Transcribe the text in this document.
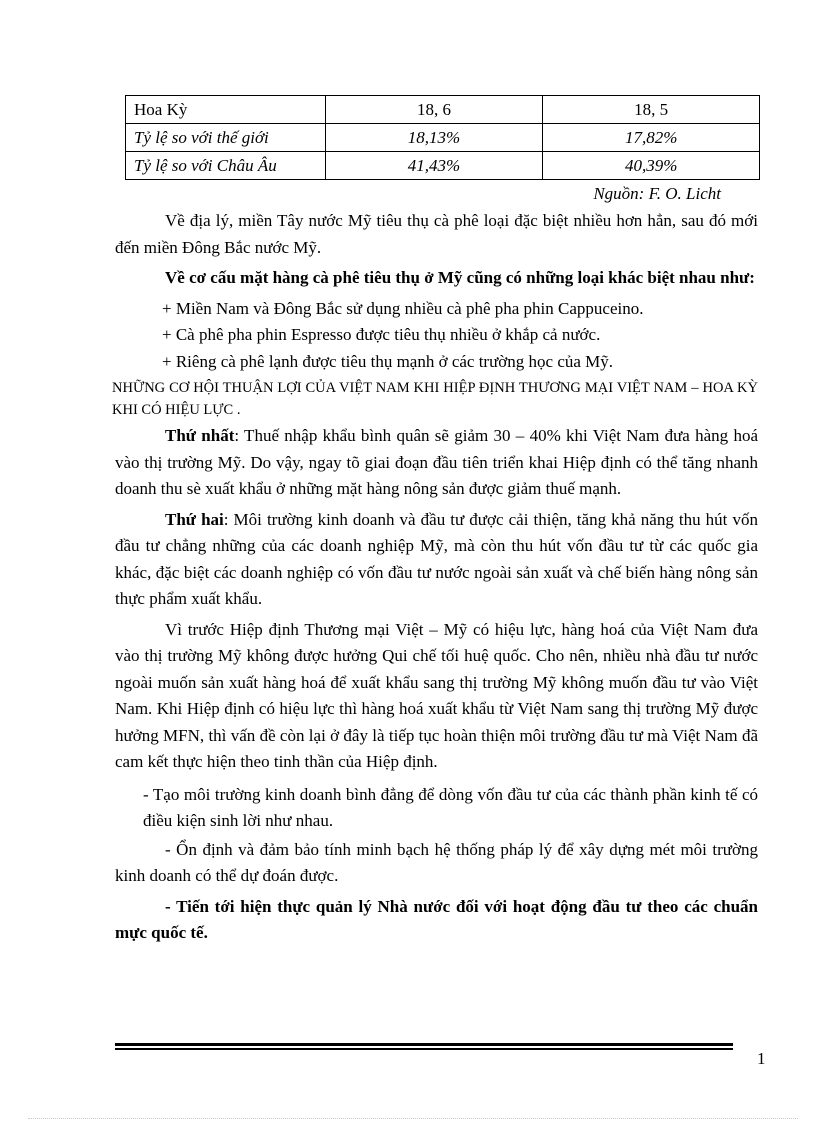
Hoa Kỳ	18, 6	18, 5
Tỷ lệ so với thế giới	18,13%	17,82%
Tỷ lệ so với Châu Âu	41,43%	40,39%
Nguồn: F. O. Licht

Về địa lý, miền Tây nước Mỹ tiêu thụ cà phê loại đặc biệt nhiều hơn hẳn, sau đó mới đến miền Đông Bắc nước Mỹ.

Về cơ cấu mặt hàng cà phê tiêu thụ ở Mỹ cũng có những loại khác biệt nhau như:

+ Miền Nam và Đông Bắc sử dụng nhiều cà phê pha phin Cappuceino.

+ Cà phê pha phin Espresso được tiêu thụ nhiều ở khắp cả nước.

+ Riêng cà phê lạnh được tiêu thụ mạnh ở các trường học của Mỹ.

NHỮNG CƠ HỘI THUẬN LỢI CỦA VIỆT NAM KHI HIỆP ĐỊNH THƯƠNG MẠI VIỆT NAM – HOA KỲ KHI CÓ HIỆU LỰC .

Thứ nhất: Thuế nhập khẩu bình quân sẽ giảm 30 – 40% khi Việt Nam đưa hàng hoá vào thị trường Mỹ. Do vậy, ngay tõ giai đoạn đầu tiên triển khai Hiệp định có thể tăng nhanh doanh thu sè xuất khẩu ở những mặt hàng nông sản được giảm thuế mạnh.

Thứ hai: Môi trường kinh doanh và đầu tư được cải thiện, tăng khả năng thu hút vốn đầu tư chẳng những của các doanh nghiệp Mỹ, mà còn thu hút vốn đầu tư từ các quốc gia khác, đặc biệt các doanh nghiệp có vốn đầu tư nước ngoài sản xuất và chế biến hàng nông sản thực phẩm xuất khẩu.

Vì trước Hiệp định Thương mại Việt – Mỹ có hiệu lực, hàng hoá của Việt Nam đưa vào thị trường Mỹ không được hưởng Qui chế tối huệ quốc. Cho nên, nhiều nhà đầu tư nước ngoài muốn sản xuất hàng hoá để xuất khẩu sang thị trường Mỹ không muốn đầu tư vào Việt Nam. Khi Hiệp định có hiệu lực thì hàng hoá xuất khẩu từ Việt Nam sang thị trường Mỹ được hưởng MFN, thì vấn đề còn lại ở đây là tiếp tục hoàn thiện môi trường đầu tư mà Việt Nam đã cam kết thực hiện theo tinh thần của Hiệp định.

- Tạo môi trường kinh doanh bình đẳng để dòng vốn đầu tư của các thành phần kinh tế có điều kiện sinh lời như nhau.

- Ổn định và đảm bảo tính minh bạch hệ thống pháp lý để xây dựng mét môi trường kinh doanh có thể dự đoán được.

- Tiến tới hiện thực quản lý Nhà nước đối với hoạt động đầu tư theo các chuẩn mực quốc tế.

1
